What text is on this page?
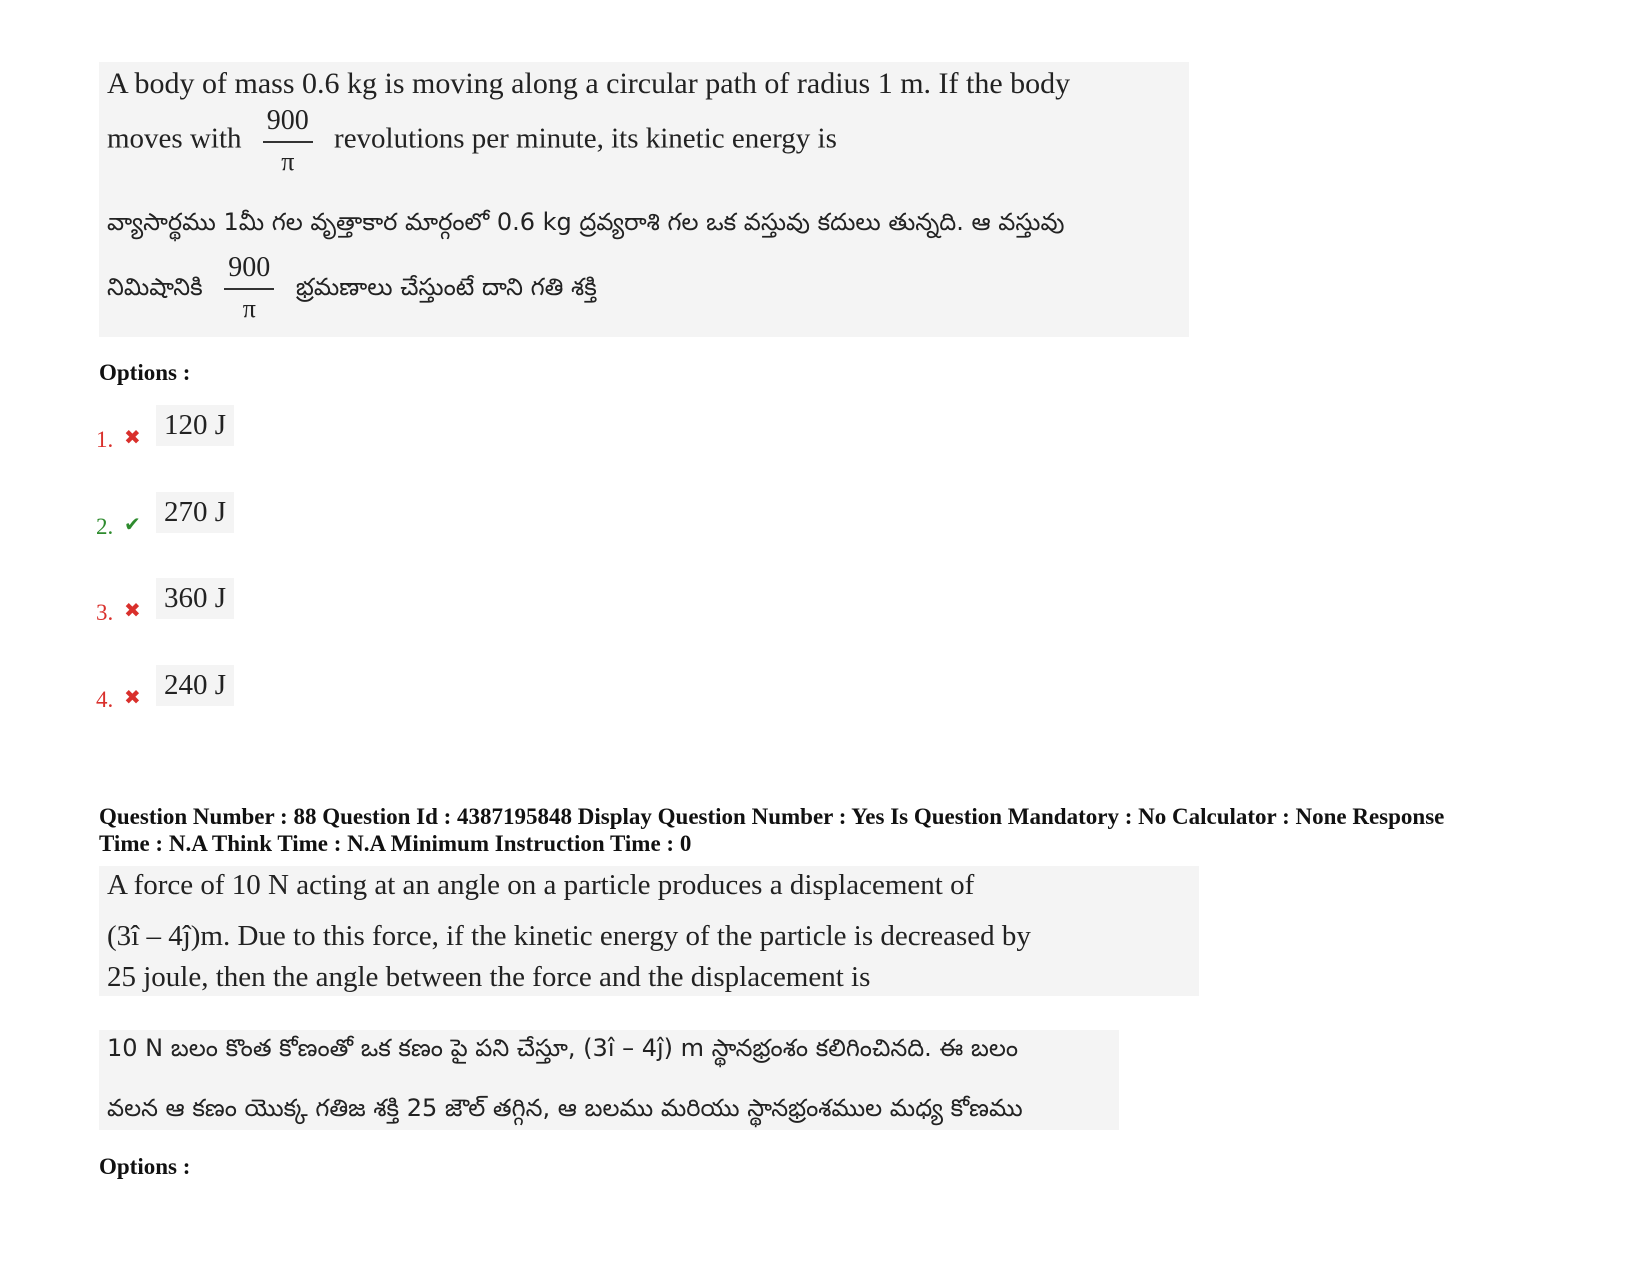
A body of mass 0.6 kg is moving along a circular path of radius 1 m. If the body
moves with $\frac{900}{\pi}$ revolutions per minute, its kinetic energy is
వ్యాసార్థము 1మీ గల వృత్తాకార మార్గంలో 0.6 kg ద్రవ్యరాశి గల ఒక వస్తువు కదులు తున్నది. ఆ వస్తువు
నిమిషానికి $\frac{900}{\pi}$ భ్రమణాలు చేస్తుంటే దాని గతి శక్తి
Options :
1. ✖ 120 J
2. ✔ 270 J
3. ✖ 360 J
4. ✖ 240 J
Question Number : 88 Question Id : 4387195848 Display Question Number : Yes Is Question Mandatory : No Calculator : None Response
Time : N.A Think Time : N.A Minimum Instruction Time : 0
A force of 10 N acting at an angle on a particle produces a displacement of
(3î – 4ĵ)m. Due to this force, if the kinetic energy of the particle is decreased by
25 joule, then the angle between the force and the displacement is
10 N బలం కొంత కోణంతో ఒక కణం పై పని చేస్తూ, (3î – 4ĵ) m స్థానభ్రంశం కలిగించినది. ఈ బలం
వలన ఆ కణం యొక్క గతిజ శక్తి 25 జౌల్ తగ్గిన, ఆ బలము మరియు స్థానభ్రంశముల మధ్య కోణము
Options :
